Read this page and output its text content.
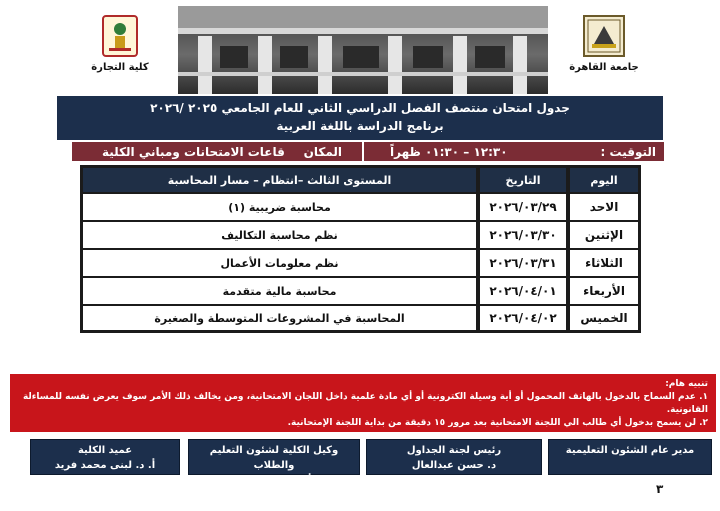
جامعة القاهرة
كلية التجارة
جدول امتحان منتصف الفصل الدراسي الثاني للعام الجامعي ٢٠٢٥ /٢٠٢٦
برنامج الدراسة باللغة العربية
التوقيت :
١٢:٣٠ – ٠١:٣٠ ظهراً
المكان
قاعات الامتحانات ومباني الكلية
اليوم
التاريخ
المستوى الثالث –انتظام – مسار المحاسبة
الاحد
٢٠٢٦/٠٣/٢٩
محاسبة ضريبية (١)
الإثنين
٢٠٢٦/٠٣/٣٠
نظم محاسبة التكاليف
الثلاثاء
٢٠٢٦/٠٣/٣١
نظم معلومات الأعمال
الأربعاء
٢٠٢٦/٠٤/٠١
محاسبة مالية متقدمة
الخميس
٢٠٢٦/٠٤/٠٢
المحاسبة في المشروعات المتوسطة والصغيرة
تنبيه هام:
١. عدم السماح بالدخول بالهاتف المحمول أو أية وسيلة الكترونية أو أي مادة علمية داخل اللجان الامتحانية، ومن يخالف ذلك الأمر سوف يعرض نفسه للمساءلة القانونية.
٢. لن يسمح بدخول أي طالب الي اللجنة الامتحانية بعد مرور ١٥ دقيقة من بداية اللجنة الإمتحانية.
مدير عام الشئون التعليمية
رئيس لجنة الجداول
د. حسن عبدالعال
وكيل الكلية لشئون التعليم والطلاب
أ. د. عماد الزمر
عميد الكلية
أ. د. لبنى محمد فريد
٣
